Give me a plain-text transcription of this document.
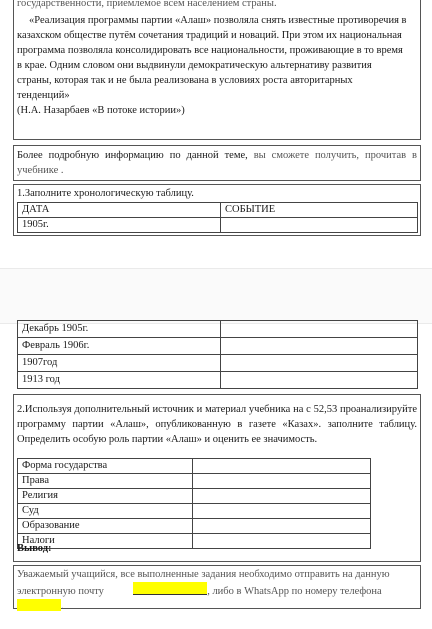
государственности, приемлемое всем населением страны.
«Реализация программы партии «Алаш» позволяла снять известные противоречия в
казахском обществе путём сочетания традиций и новаций. При этом их национальная
программа позволяла консолидировать все национальности, проживающие в то время
в крае. Одним словом они выдвинули демократическую альтернативу развития
страны, которая так и не была реализована в условиях роста авторитарных
тенденций»
(Н.А. Назарбаев «В потоке истории»)
Более подробную информацию по данной теме, вы сможете получить, прочитав в учебнике .
1.Заполните хронологическую таблицу.
ДАТА	СОБЫТИЕ
1905г.	
Декабрь 1905г.	
Февраль 1906г.	
1907год	
1913 год	
2.Используя дополнительный источник и материал учебника на с 52,53 проанализируйте программу партии «Алаш», опубликованную в газете «Казах». заполните таблицу. Определить особую роль партии «Алаш» и оценить ее значимость.
Форма государства	
Права	
Религия	
Суд	
Образование	
Налоги	
Вывод:
Уважаемый учащийся, все выполненные задания необходимо отправить на данную
электронную почту	, либо в WhatsApp по номеру телефона
.
